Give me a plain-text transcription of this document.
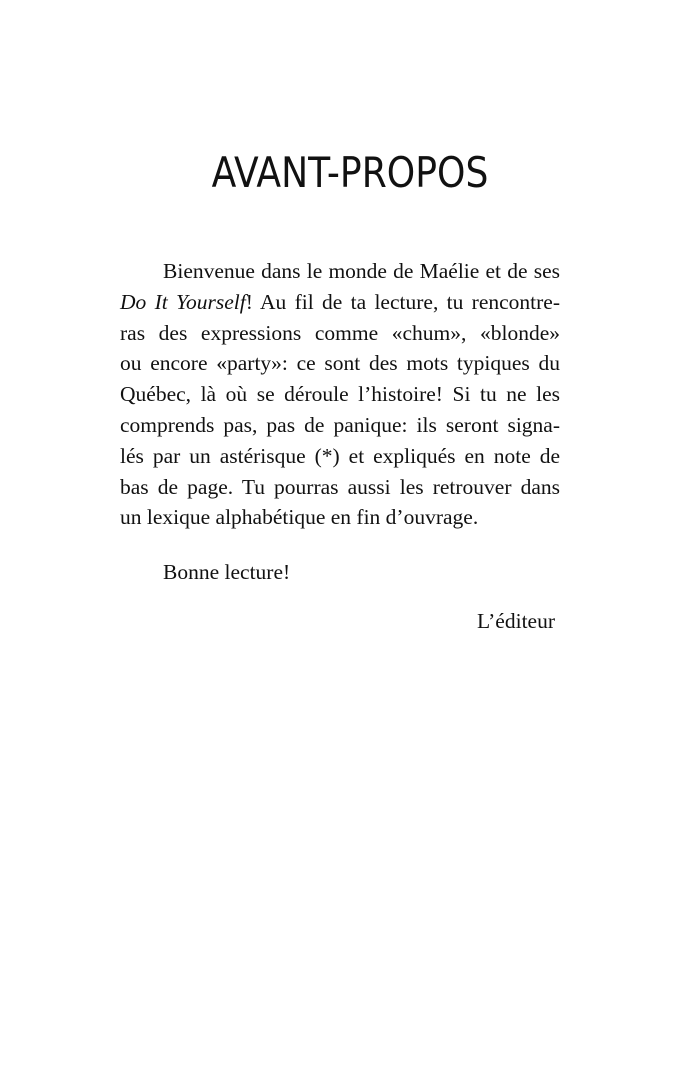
AVANT-PROPOS
Bienvenue dans le monde de Maélie et de ses
Do It Yourself! Au fil de ta lecture, tu rencontre-
ras des expressions comme «chum», «blonde»
ou encore «party»: ce sont des mots typiques du
Québec, là où se déroule l’histoire! Si tu ne les
comprends pas, pas de panique: ils seront signa-
lés par un astérisque (*) et expliqués en note de
bas de page. Tu pourras aussi les retrouver dans
un lexique alphabétique en fin d’ouvrage.
Bonne lecture!
L’éditeur
